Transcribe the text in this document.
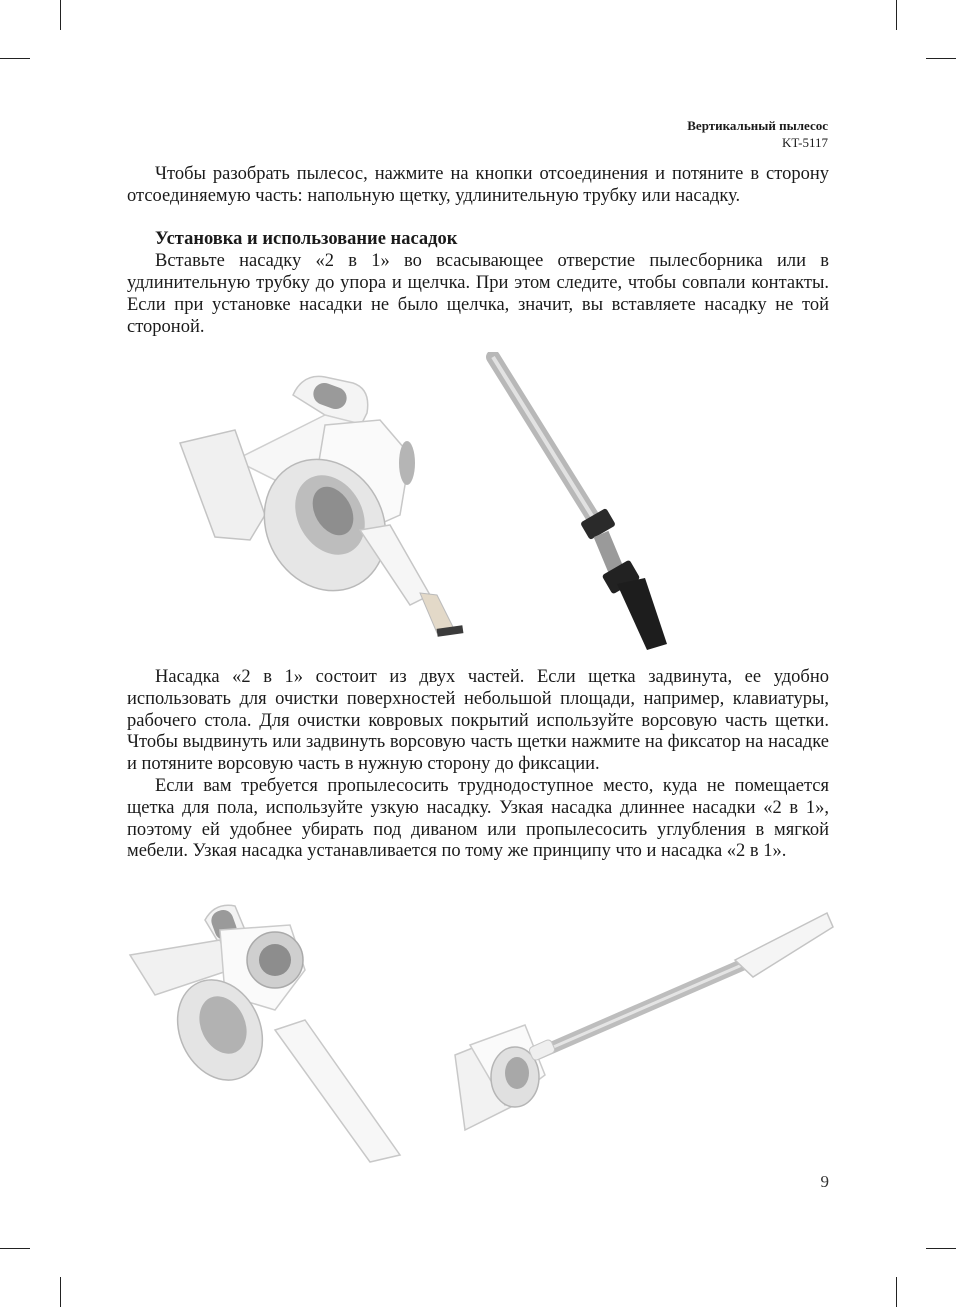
Вертикальный пылесос
KT-5117

Чтобы разобрать пылесос, нажмите на кнопки отсоединения и потяните в сторону отсоединяемую часть: напольную щетку, удлинительную трубку или насадку.

Установка и использование насадок

Вставьте насадку «2 в 1» во всасывающее отверстие пылесборника или в удлинительную трубку до упора и щелчка. При этом следите, чтобы совпали контакты. Если при установке насадки не было щелчка, значит, вы вставляете насадку не той стороной.

Насадка «2 в 1» состоит из двух частей. Если щетка задвинута, ее удобно использовать для очистки поверхностей небольшой площади, например, клавиатуры, рабочего стола. Для очистки ковровых покрытий используйте ворсовую часть щетки. Чтобы выдвинуть или задвинуть ворсовую часть щетки нажмите на фиксатор на насадке и потяните ворсовую часть в нужную сторону до фиксации.

Если вам требуется пропылесосить труднодоступное место, куда не помещается щетка для пола, используйте узкую насадку. Узкая насадка длиннее насадки «2 в 1», поэтому ей удобнее убирать под диваном или пропылесосить углубления в мягкой мебели. Узкая насадка устанавливается по тому же принципу что и насадка «2 в 1».

9
